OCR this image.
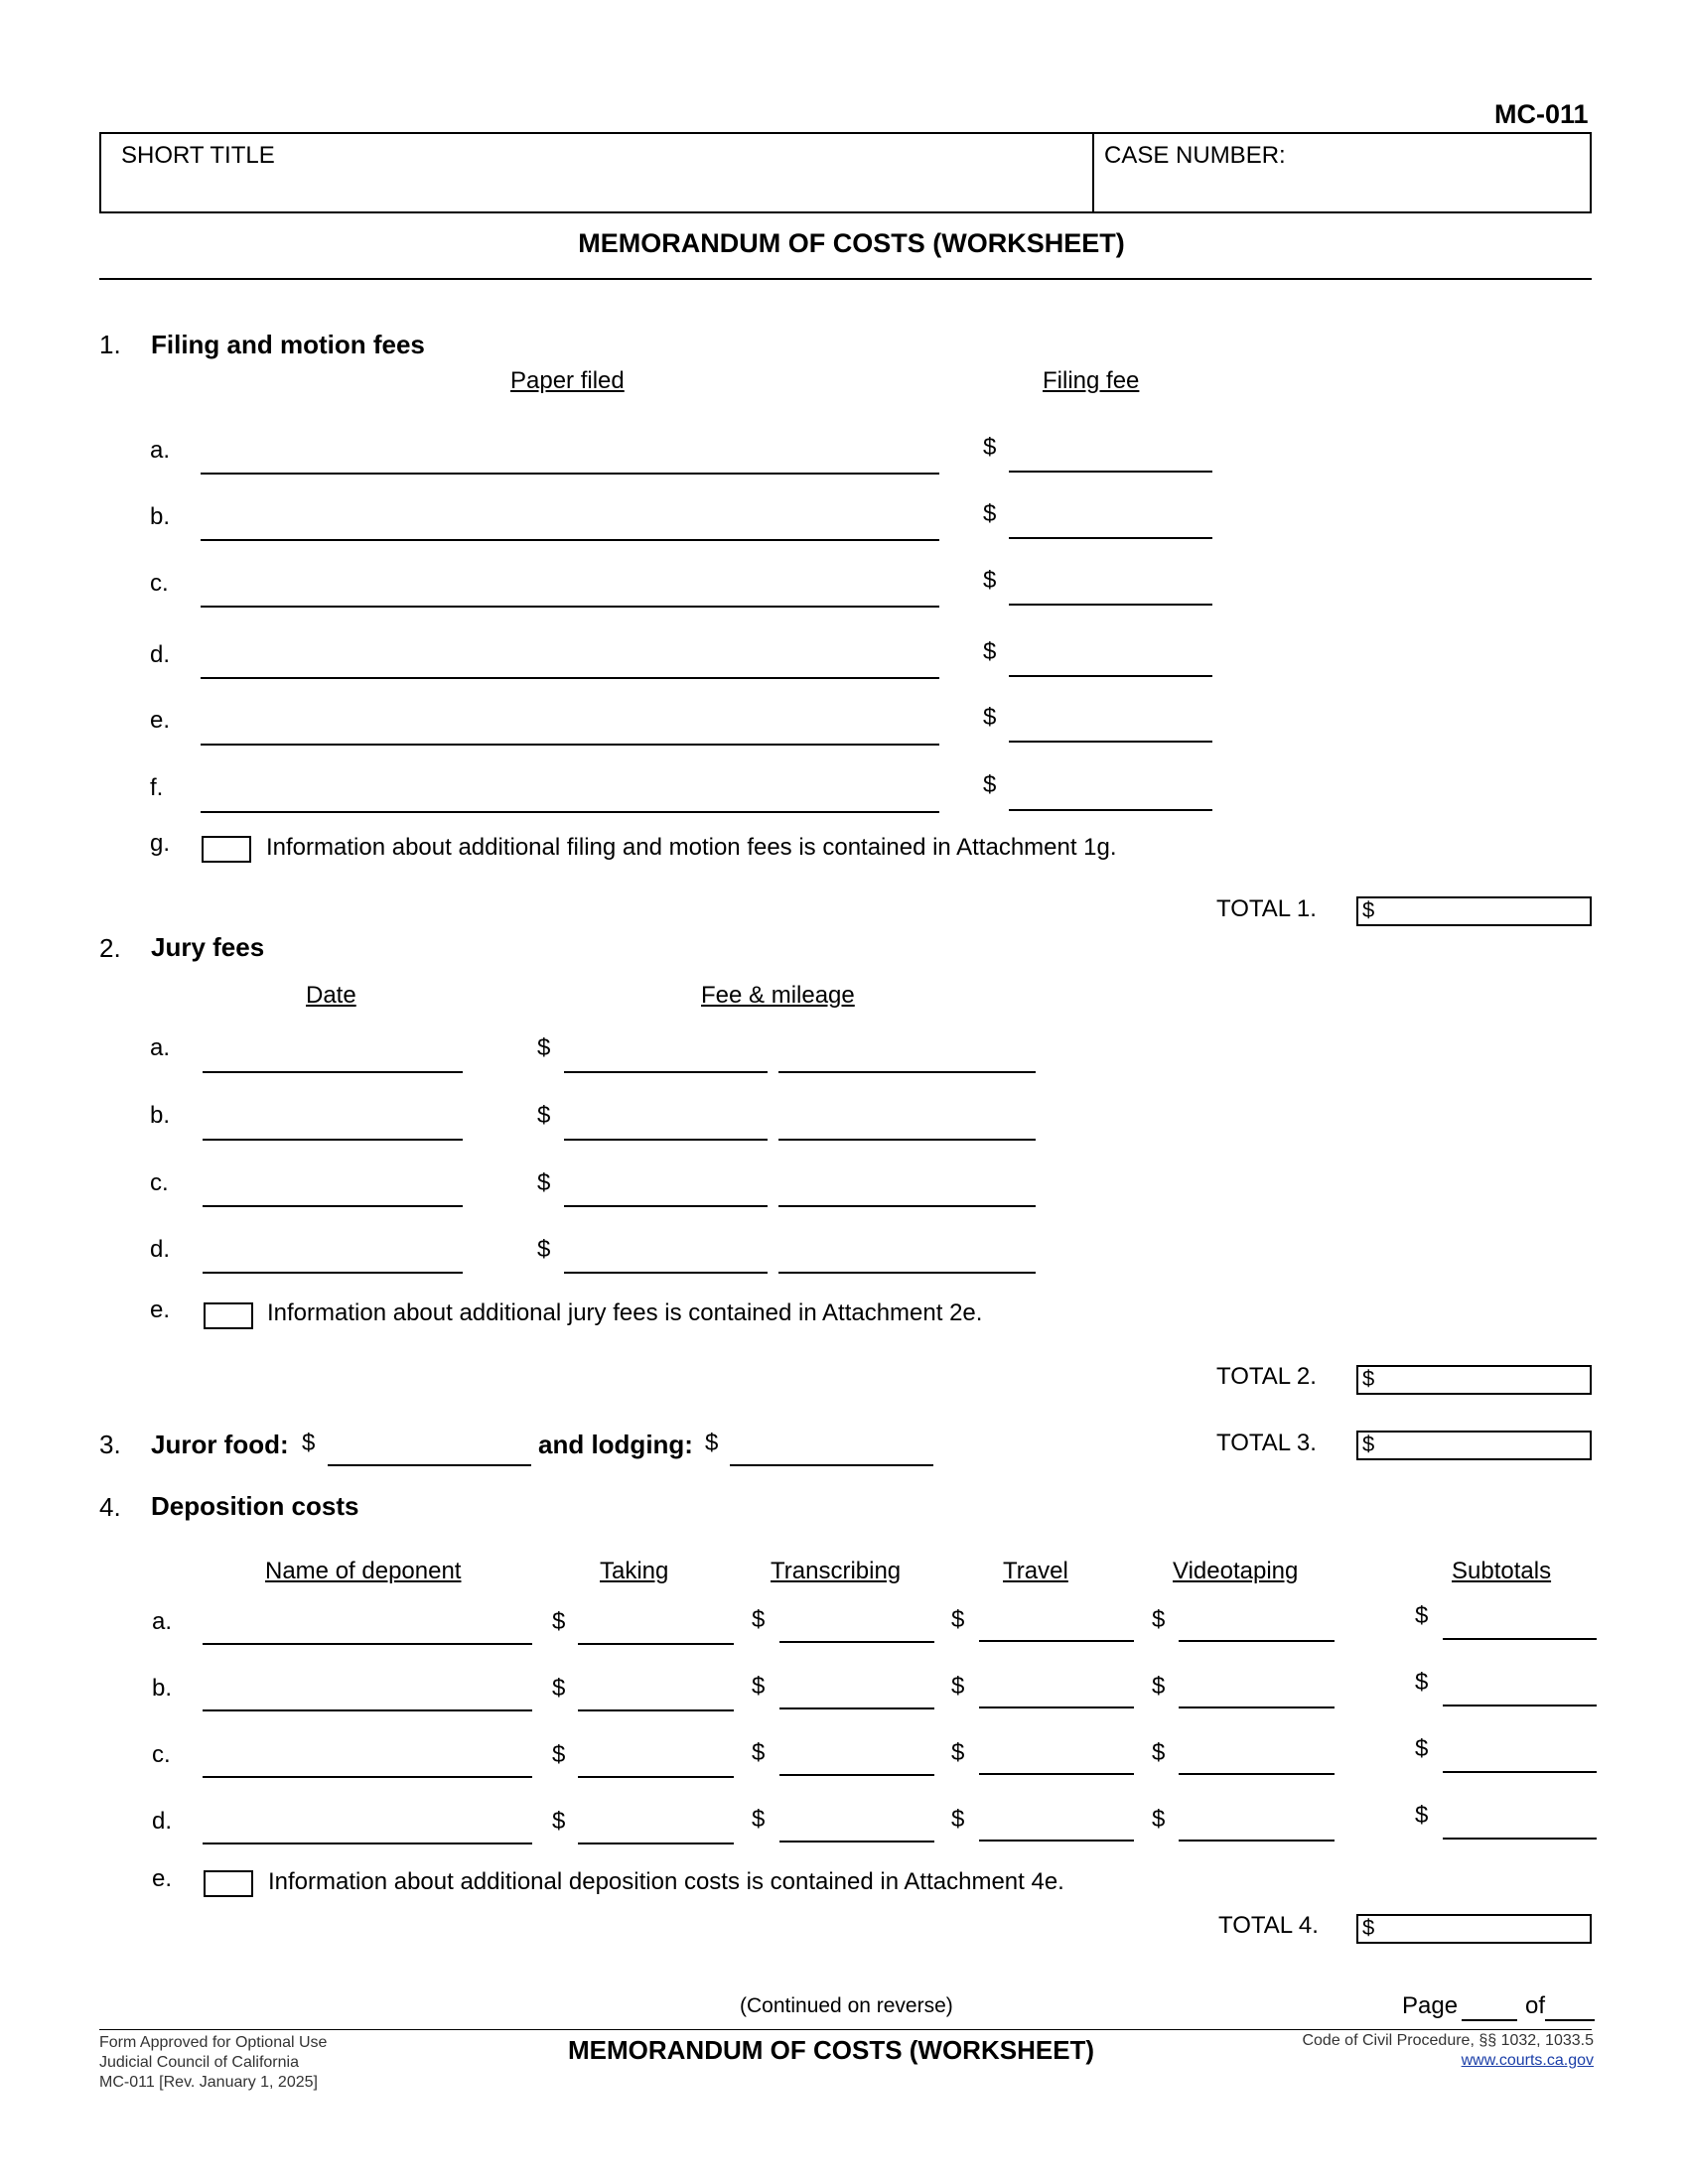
MC-011
SHORT TITLE	CASE NUMBER:
MEMORANDUM OF COSTS (WORKSHEET)
1. Filing and motion fees
Paper filed	Filing fee
a.	$
b.	$
c.	$
d.	$
e.	$
f.	$
g.	Information about additional filing and motion fees is contained in Attachment 1g.
TOTAL 1. $
2. Jury fees
Date	Fee & mileage
a.	$
b.	$
c.	$
d.	$
e.	Information about additional jury fees is contained in Attachment 2e.
TOTAL 2. $
3. Juror food: $	and lodging: $	TOTAL 3. $
4. Deposition costs
Name of deponent	Taking	Transcribing	Travel	Videotaping	Subtotals
a.	$	$	$	$	$
b.	$	$	$	$	$
c.	$	$	$	$	$
d.	$	$	$	$	$
e.	Information about additional deposition costs is contained in Attachment 4e.
TOTAL 4. $
(Continued on reverse)	Page	of
Form Approved for Optional Use
Judicial Council of California
MC-011 [Rev. January 1, 2025]
MEMORANDUM OF COSTS (WORKSHEET)	Code of Civil Procedure, §§ 1032, 1033.5
www.courts.ca.gov
